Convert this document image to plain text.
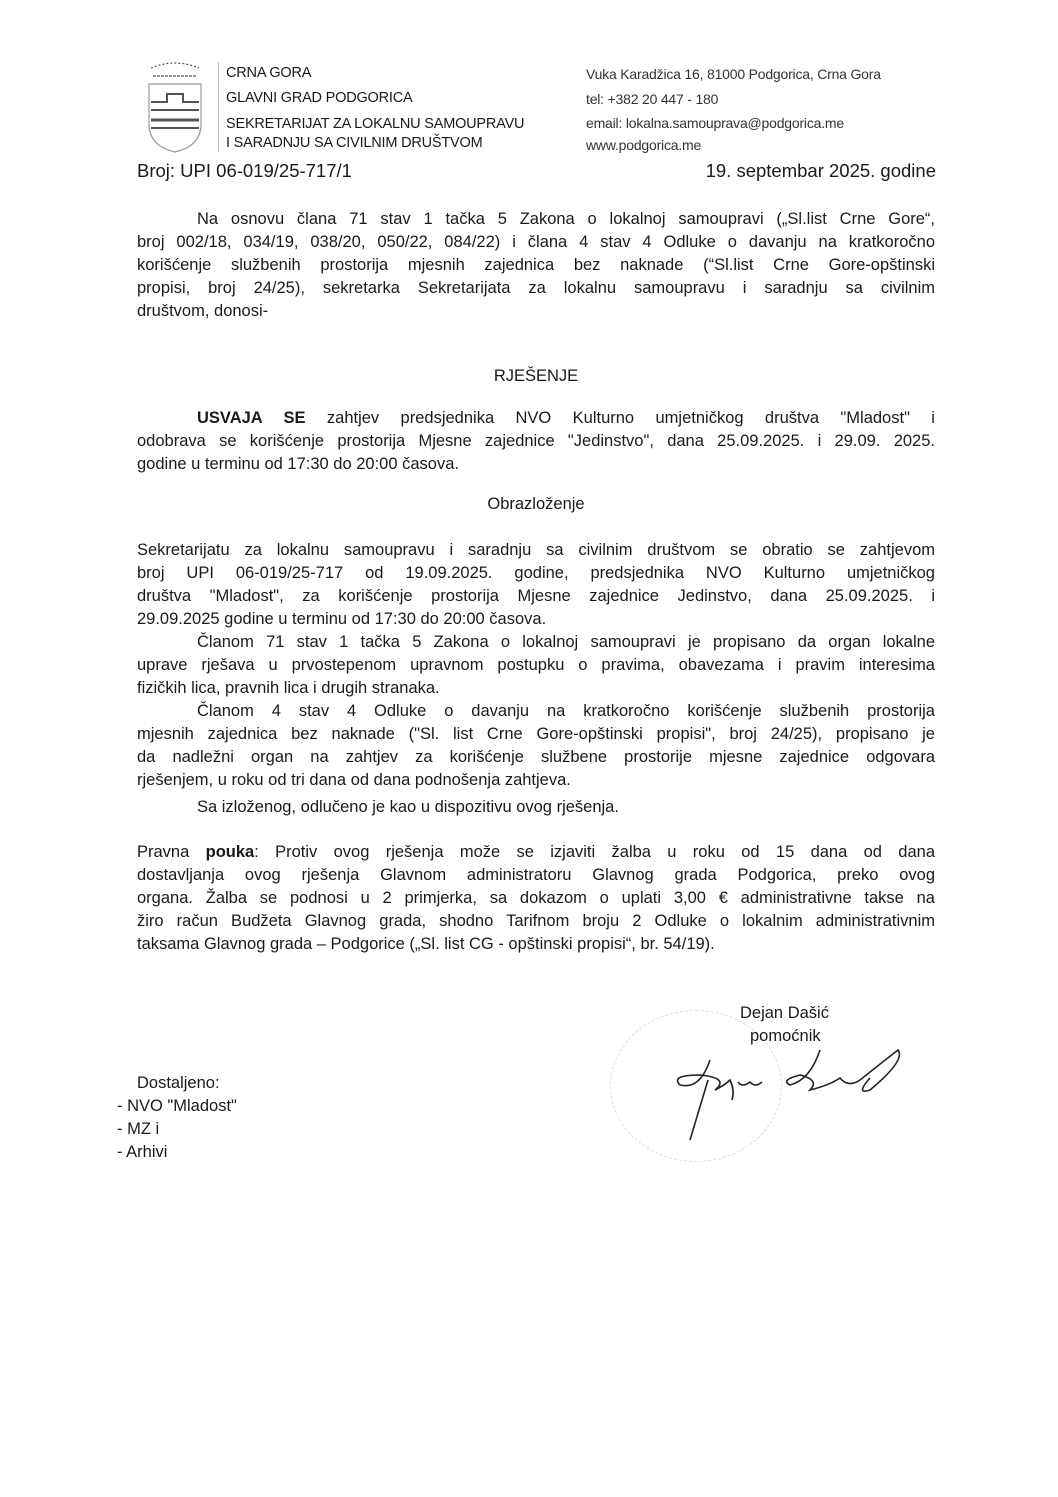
CRNA GORA
GLAVNI GRAD PODGORICA
SEKRETARIJAT ZA LOKALNU SAMOUPRAVU
I SARADNJU SA CIVILNIM DRUŠTVOM
Vuka Karadžica 16, 81000 Podgorica, Crna Gora
tel: +382 20 447 - 180
email: lokalna.samouprava@podgorica.me
www.podgorica.me
Broj: UPI 06-019/25-717/1	19. septembar 2025. godine
Na osnovu člana 71 stav 1 tačka 5 Zakona o lokalnoj samoupravi („Sl.list Crne Gore“,
broj 002/18, 034/19, 038/20, 050/22, 084/22) i člana 4 stav 4 Odluke o davanju na kratkoročno
korišćenje službenih prostorija mjesnih zajednica bez naknade (“Sl.list Crne Gore-opštinski
propisi, broj 24/25), sekretarka Sekretarijata za lokalnu samoupravu i saradnju sa civilnim
društvom, donosi-
RJEŠENJE
USVAJA SE zahtjev predsjednika NVO Kulturno umjetničkog društva "Mladost" i
odobrava se korišćenje prostorija Mjesne zajednice "Jedinstvo", dana 25.09.2025. i 29.09. 2025.
godine u terminu od 17:30 do 20:00 časova.
Obrazloženje
Sekretarijatu za lokalnu samoupravu i saradnju sa civilnim društvom se obratio se zahtjevom
broj UPI 06-019/25-717 od 19.09.2025. godine, predsjednika NVO Kulturno umjetničkog
društva "Mladost", za korišćenje prostorija Mjesne zajednice Jedinstvo, dana 25.09.2025. i
29.09.2025 godine u terminu od 17:30 do 20:00 časova.
Članom 71 stav 1 tačka 5 Zakona o lokalnoj samoupravi je propisano da organ lokalne
uprave rješava u prvostepenom upravnom postupku o pravima, obavezama i pravim interesima
fizičkih lica, pravnih lica i drugih stranaka.
Članom 4 stav 4 Odluke o davanju na kratkoročno korišćenje službenih prostorija
mjesnih zajednica bez naknade ("Sl. list Crne Gore-opštinski propisi", broj 24/25), propisano je
da nadležni organ na zahtjev za korišćenje službene prostorije mjesne zajednice odgovara
rješenjem, u roku od tri dana od dana podnošenja zahtjeva.
Sa izloženog, odlučeno je kao u dispozitivu ovog rješenja.
Pravna pouka: Protiv ovog rješenja može se izjaviti žalba u roku od 15 dana od dana
dostavljanja ovog rješenja Glavnom administratoru Glavnog grada Podgorica, preko ovog
organa. Žalba se podnosi u 2 primjerka, sa dokazom o uplati 3,00 € administrativne takse na
žiro račun Budžeta Glavnog grada, shodno Tarifnom broju 2 Odluke o lokalnim administrativnim
taksama Glavnog grada – Podgorice („Sl. list CG - opštinski propisi“, br. 54/19).
Dejan Dašić
pomoćnik
Dostaljeno:
- NVO "Mladost"
- MZ i
- Arhivi
